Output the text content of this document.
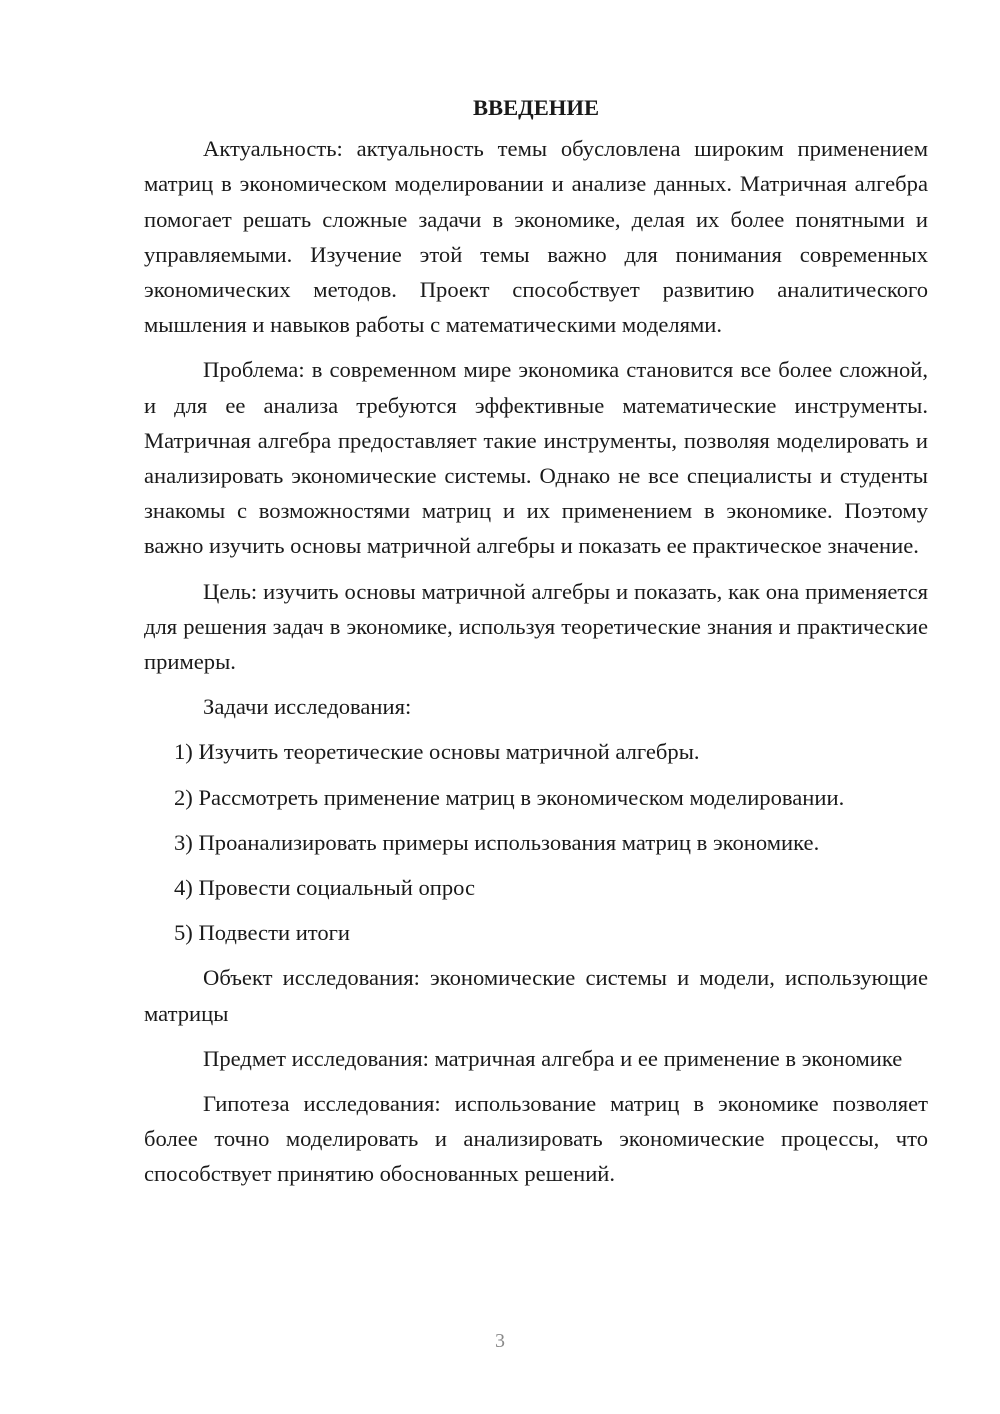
ВВЕДЕНИЕ

Актуальность: актуальность темы обусловлена широким применением матриц в экономическом моделировании и анализе данных. Матричная алгебра помогает решать сложные задачи в экономике, делая их более понятными и управляемыми. Изучение этой темы важно для понимания современных экономических методов. Проект способствует развитию аналитического мышления и навыков работы с математическими моделями.

Проблема: в современном мире экономика становится все более сложной, и для ее анализа требуются эффективные математические инструменты. Матричная алгебра предоставляет такие инструменты, позволяя моделировать и анализировать экономические системы. Однако не все специалисты и студенты знакомы с возможностями матриц и их применением в экономике. Поэтому важно изучить основы матричной алгебры и показать ее практическое значение.

Цель: изучить основы матричной алгебры и показать, как она применяется для решения задач в экономике, используя теоретические знания и практические примеры.

Задачи исследования:
1) Изучить теоретические основы матричной алгебры.
2) Рассмотреть применение матриц в экономическом моделировании.
3) Проанализировать примеры использования матриц в экономике.
4) Провести социальный опрос
5) Подвести итоги

Объект исследования: экономические системы и модели, использующие матрицы

Предмет исследования: матричная алгебра и ее применение в экономике

Гипотеза исследования: использование матриц в экономике позволяет более точно моделировать и анализировать экономические процессы, что способствует принятию обоснованных решений.

3
